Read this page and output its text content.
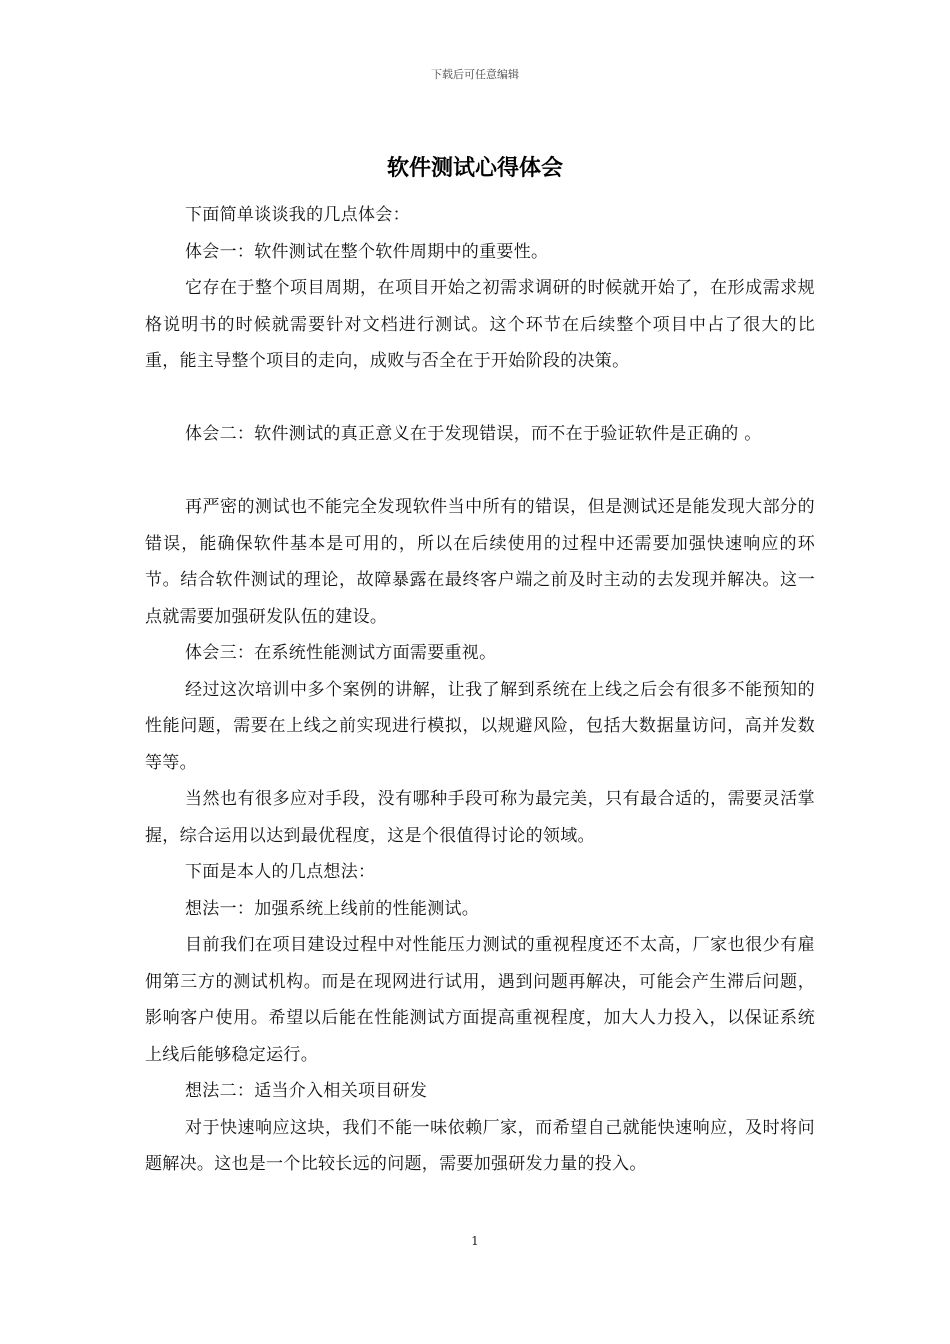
下载后可任意编辑
软件测试心得体会

下面简单谈谈我的几点体会：

体会一：软件测试在整个软件周期中的重要性。

它存在于整个项目周期，在项目开始之初需求调研的时候就开始了，在形成需求规格说明书的时候就需要针对文档进行测试。这个环节在后续整个项目中占了很大的比重，能主导整个项目的走向，成败与否全在于开始阶段的决策。

体会二：软件测试的真正意义在于发现错误，而不在于验证软件是正确的 。

再严密的测试也不能完全发现软件当中所有的错误，但是测试还是能发现大部分的错误，能确保软件基本是可用的，所以在后续使用的过程中还需要加强快速响应的环节。结合软件测试的理论，故障暴露在最终客户端之前及时主动的去发现并解决。这一点就需要加强研发队伍的建设。

体会三：在系统性能测试方面需要重视。

经过这次培训中多个案例的讲解，让我了解到系统在上线之后会有很多不能预知的性能问题，需要在上线之前实现进行模拟，以规避风险，包括大数据量访问，高并发数等等。

当然也有很多应对手段，没有哪种手段可称为最完美，只有最合适的，需要灵活掌握，综合运用以达到最优程度，这是个很值得讨论的领域。

下面是本人的几点想法：

想法一：加强系统上线前的性能测试。

目前我们在项目建设过程中对性能压力测试的重视程度还不太高，厂家也很少有雇佣第三方的测试机构。而是在现网进行试用，遇到问题再解决，可能会产生滞后问题，影响客户使用。希望以后能在性能测试方面提高重视程度，加大人力投入，以保证系统上线后能够稳定运行。

想法二：适当介入相关项目研发

对于快速响应这块，我们不能一味依赖厂家，而希望自己就能快速响应，及时将问题解决。这也是一个比较长远的问题，需要加强研发力量的投入。

1
